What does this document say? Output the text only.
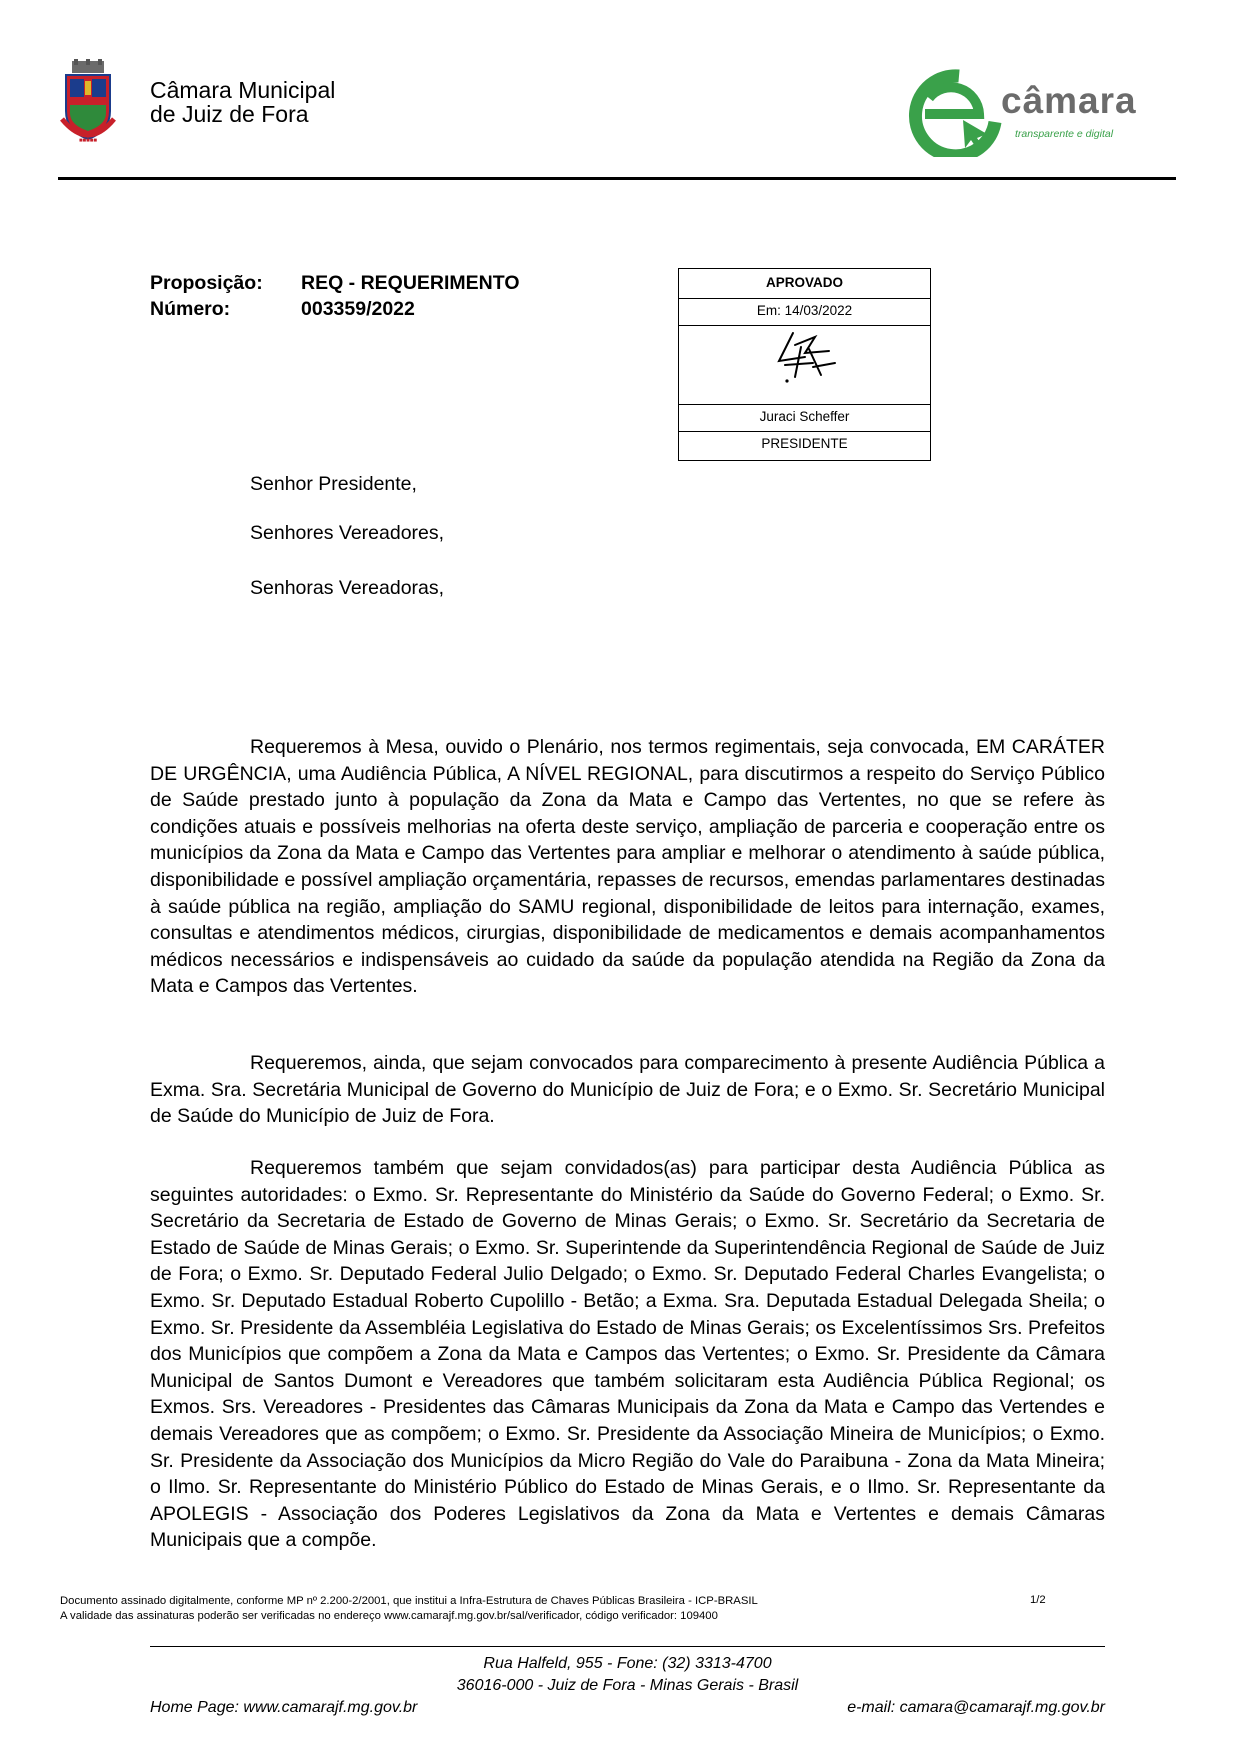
■■■■■
Câmara Municipal
de Juiz de Fora	câmara
transparente e digital
Proposição:	REQ - REQUERIMENTO
Número:	003359/2022
APROVADO
Em: 14/03/2022
Juraci Scheffer
PRESIDENTE
Senhor Presidente,
Senhores Vereadores,
Senhoras Vereadoras,

Requeremos à Mesa, ouvido o Plenário, nos termos regimentais, seja convocada, EM CARÁTER DE URGÊNCIA, uma Audiência Pública, A NÍVEL REGIONAL, para discutirmos a respeito do Serviço Público de Saúde prestado junto à população da Zona da Mata e Campo das Vertentes, no que se refere às condições atuais e possíveis melhorias na oferta deste serviço, ampliação de parceria e cooperação entre os municípios da Zona da Mata e Campo das Vertentes para ampliar e melhorar o atendimento à saúde pública, disponibilidade e possível ampliação orçamentária, repasses de recursos, emendas parlamentares destinadas à saúde pública na região, ampliação do SAMU regional, disponibilidade de leitos para internação, exames, consultas e atendimentos médicos, cirurgias, disponibilidade de medicamentos e demais acompanhamentos médicos necessários e indispensáveis ao cuidado da saúde da população atendida na Região da Zona da Mata e Campos das Vertentes.

Requeremos, ainda, que sejam convocados para comparecimento à presente Audiência Pública a Exma. Sra. Secretária Municipal de Governo do Município de Juiz de Fora; e o Exmo. Sr. Secretário Municipal de Saúde do Município de Juiz de Fora.

Requeremos também que sejam convidados(as) para participar desta Audiência Pública as seguintes autoridades: o Exmo. Sr. Representante do Ministério da Saúde do Governo Federal; o Exmo. Sr. Secretário da Secretaria de Estado de Governo de Minas Gerais; o Exmo. Sr. Secretário da Secretaria de Estado de Saúde de Minas Gerais; o Exmo. Sr. Superintende da Superintendência Regional de Saúde de Juiz de Fora; o Exmo. Sr. Deputado Federal Julio Delgado; o Exmo. Sr. Deputado Federal Charles Evangelista; o Exmo. Sr. Deputado Estadual Roberto Cupolillo - Betão; a Exma. Sra. Deputada Estadual Delegada Sheila; o Exmo. Sr. Presidente da Assembléia Legislativa do Estado de Minas Gerais; os Excelentíssimos Srs. Prefeitos dos Municípios que compõem a Zona da Mata e Campos das Vertentes; o Exmo. Sr. Presidente da Câmara Municipal de Santos Dumont e Vereadores que também solicitaram esta Audiência Pública Regional; os Exmos. Srs. Vereadores - Presidentes das Câmaras Municipais da Zona da Mata e Campo das Vertendes e demais Vereadores que as compõem; o Exmo. Sr. Presidente da Associação Mineira de Municípios; o Exmo. Sr. Presidente da Associação dos Municípios da Micro Região do Vale do Paraibuna - Zona da Mata Mineira; o Ilmo. Sr. Representante do Ministério Público do Estado de Minas Gerais, e o Ilmo. Sr. Representante da APOLEGIS - Associação dos Poderes Legislativos da Zona da Mata e Vertentes e demais Câmaras Municipais que a compõe.

Documento assinado digitalmente, conforme MP nº 2.200-2/2001, que institui a Infra-Estrutura de Chaves Públicas Brasileira - ICP-BRASIL
A validade das assinaturas poderão ser verificadas no endereço www.camarajf.mg.gov.br/sal/verificador, código verificador: 109400
1/2
Rua Halfeld, 955 - Fone: (32) 3313-4700
36016-000 - Juiz de Fora - Minas Gerais - Brasil
Home Page: www.camarajf.mg.gov.br	e-mail: camara@camarajf.mg.gov.br
